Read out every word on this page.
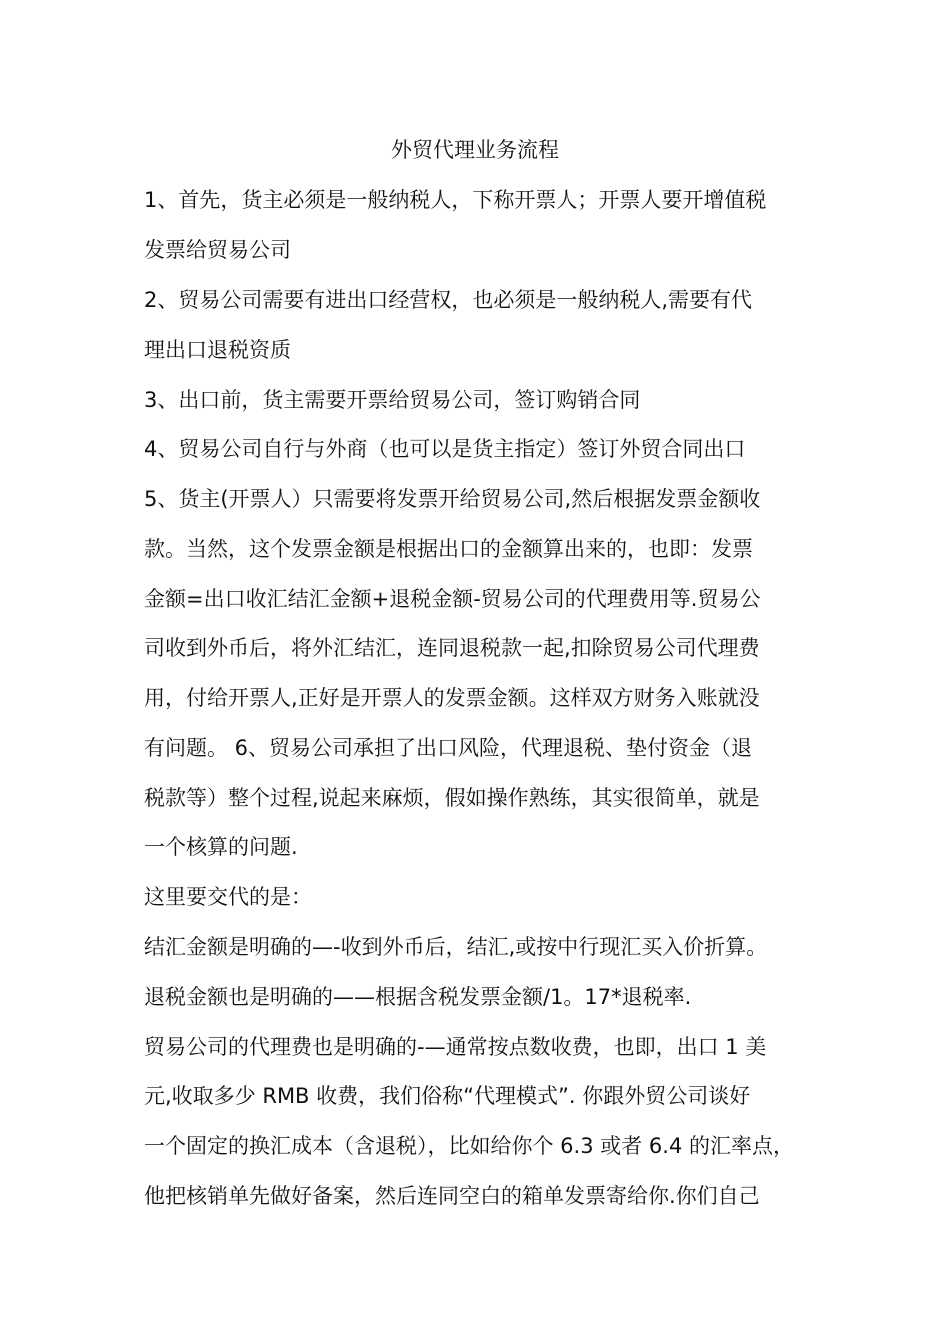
外贸代理业务流程
1、首先，货主必须是一般纳税人，下称开票人；开票人要开增值税
发票给贸易公司
2、贸易公司需要有进出口经营权，也必须是一般纳税人,需要有代
理出口退税资质
3、出口前，货主需要开票给贸易公司，签订购销合同
4、贸易公司自行与外商（也可以是货主指定）签订外贸合同出口
5、货主(开票人）只需要将发票开给贸易公司,然后根据发票金额收
款。当然，这个发票金额是根据出口的金额算出来的，也即：发票
金额=出口收汇结汇金额+退税金额-贸易公司的代理费用等.贸易公
司收到外币后，将外汇结汇，连同退税款一起,扣除贸易公司代理费
用，付给开票人,正好是开票人的发票金额。这样双方财务入账就没
有问题。 6、贸易公司承担了出口风险，代理退税、垫付资金（退
税款等）整个过程,说起来麻烦，假如操作熟练，其实很简单，就是
一个核算的问题.
这里要交代的是：
结汇金额是明确的—-收到外币后，结汇,或按中行现汇买入价折算。
退税金额也是明确的——根据含税发票金额/1。17*退税率.
贸易公司的代理费也是明确的-—通常按点数收费，也即，出口 1 美
元,收取多少 RMB 收费，我们俗称“代理模式”. 你跟外贸公司谈好
一个固定的换汇成本（含退税），比如给你个 6.3 或者 6.4 的汇率点，
他把核销单先做好备案，然后连同空白的箱单发票寄给你.你们自己
